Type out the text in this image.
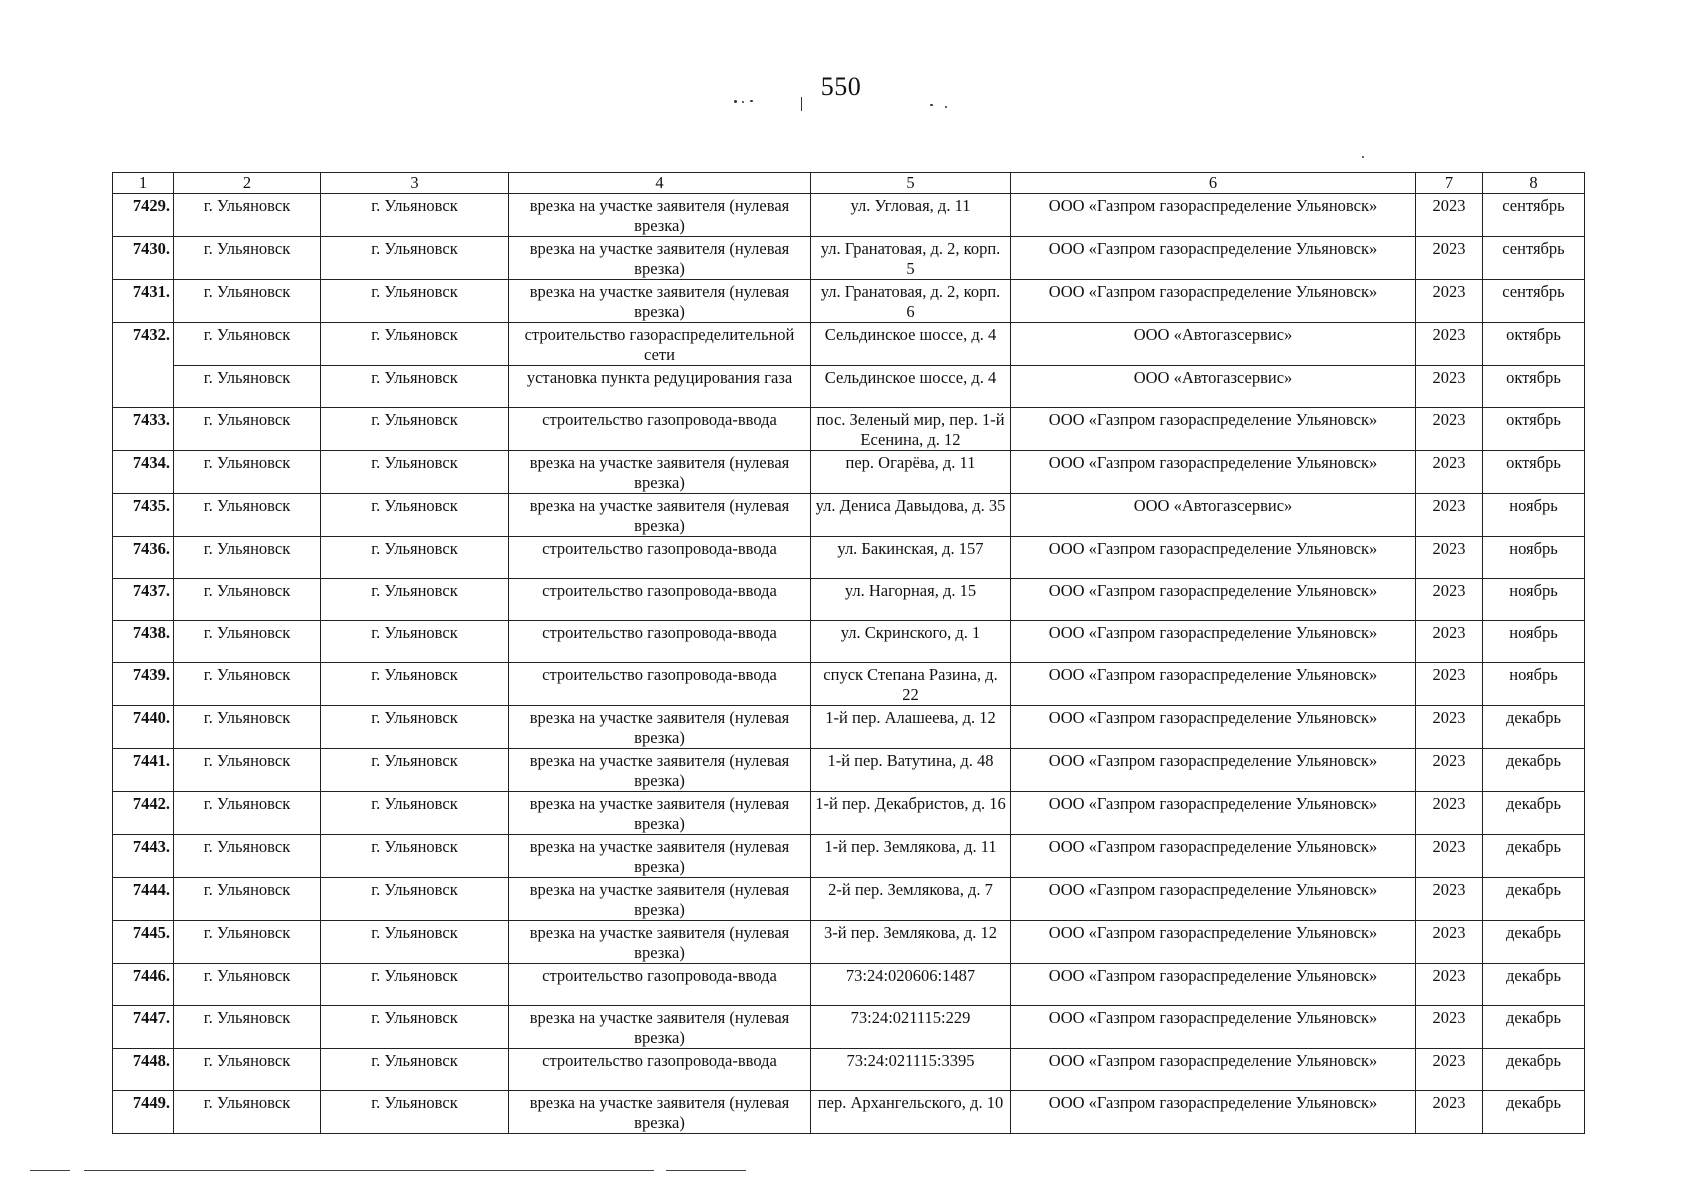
550
1	2	3	4	5	6	7	8
7429.	г. Ульяновск	г. Ульяновск	врезка на участке заявителя (нулевая врезка)	ул. Угловая, д. 11	ООО «Газпром газораспределение Ульяновск»	2023	сентябрь
7430.	г. Ульяновск	г. Ульяновск	врезка на участке заявителя (нулевая врезка)	ул. Гранатовая, д. 2, корп. 5	ООО «Газпром газораспределение Ульяновск»	2023	сентябрь
7431.	г. Ульяновск	г. Ульяновск	врезка на участке заявителя (нулевая врезка)	ул. Гранатовая, д. 2, корп. 6	ООО «Газпром газораспределение Ульяновск»	2023	сентябрь
7432.	г. Ульяновск	г. Ульяновск	строительство газораспределительной сети	Сельдинское шоссе, д. 4	ООО «Автогазсервис»	2023	октябрь
	г. Ульяновск	г. Ульяновск	установка пункта редуцирования газа	Сельдинское шоссе, д. 4	ООО «Автогазсервис»	2023	октябрь
7433.	г. Ульяновск	г. Ульяновск	строительство газопровода-ввода	пос. Зеленый мир, пер. 1-й Есенина, д. 12	ООО «Газпром газораспределение Ульяновск»	2023	октябрь
7434.	г. Ульяновск	г. Ульяновск	врезка на участке заявителя (нулевая врезка)	пер. Огарёва, д. 11	ООО «Газпром газораспределение Ульяновск»	2023	октябрь
7435.	г. Ульяновск	г. Ульяновск	врезка на участке заявителя (нулевая врезка)	ул. Дениса Давыдова, д. 35	ООО «Автогазсервис»	2023	ноябрь
7436.	г. Ульяновск	г. Ульяновск	строительство газопровода-ввода	ул. Бакинская, д. 157	ООО «Газпром газораспределение Ульяновск»	2023	ноябрь
7437.	г. Ульяновск	г. Ульяновск	строительство газопровода-ввода	ул. Нагорная, д. 15	ООО «Газпром газораспределение Ульяновск»	2023	ноябрь
7438.	г. Ульяновск	г. Ульяновск	строительство газопровода-ввода	ул. Скринского, д. 1	ООО «Газпром газораспределение Ульяновск»	2023	ноябрь
7439.	г. Ульяновск	г. Ульяновск	строительство газопровода-ввода	спуск Степана Разина, д. 22	ООО «Газпром газораспределение Ульяновск»	2023	ноябрь
7440.	г. Ульяновск	г. Ульяновск	врезка на участке заявителя (нулевая врезка)	1-й пер. Алашеева, д. 12	ООО «Газпром газораспределение Ульяновск»	2023	декабрь
7441.	г. Ульяновск	г. Ульяновск	врезка на участке заявителя (нулевая врезка)	1-й пер. Ватутина, д. 48	ООО «Газпром газораспределение Ульяновск»	2023	декабрь
7442.	г. Ульяновск	г. Ульяновск	врезка на участке заявителя (нулевая врезка)	1-й пер. Декабристов, д. 16	ООО «Газпром газораспределение Ульяновск»	2023	декабрь
7443.	г. Ульяновск	г. Ульяновск	врезка на участке заявителя (нулевая врезка)	1-й пер. Землякова, д. 11	ООО «Газпром газораспределение Ульяновск»	2023	декабрь
7444.	г. Ульяновск	г. Ульяновск	врезка на участке заявителя (нулевая врезка)	2-й пер. Землякова, д. 7	ООО «Газпром газораспределение Ульяновск»	2023	декабрь
7445.	г. Ульяновск	г. Ульяновск	врезка на участке заявителя (нулевая врезка)	3-й пер. Землякова, д. 12	ООО «Газпром газораспределение Ульяновск»	2023	декабрь
7446.	г. Ульяновск	г. Ульяновск	строительство газопровода-ввода	73:24:020606:1487	ООО «Газпром газораспределение Ульяновск»	2023	декабрь
7447.	г. Ульяновск	г. Ульяновск	врезка на участке заявителя (нулевая врезка)	73:24:021115:229	ООО «Газпром газораспределение Ульяновск»	2023	декабрь
7448.	г. Ульяновск	г. Ульяновск	строительство газопровода-ввода	73:24:021115:3395	ООО «Газпром газораспределение Ульяновск»	2023	декабрь
7449.	г. Ульяновск	г. Ульяновск	врезка на участке заявителя (нулевая врезка)	пер. Архангельского, д. 10	ООО «Газпром газораспределение Ульяновск»	2023	декабрь
